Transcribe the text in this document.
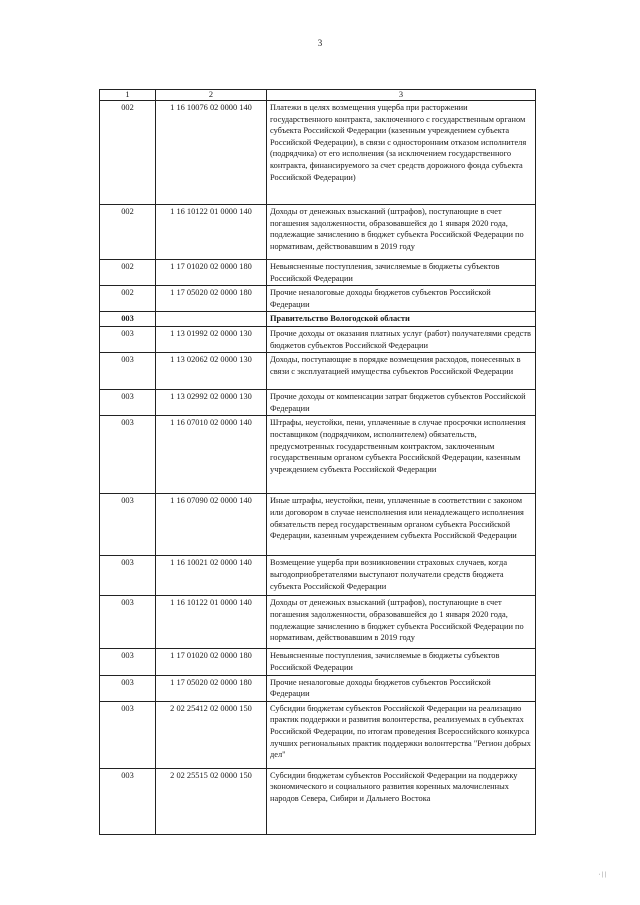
3
1	2	3
002	1 16 10076 02 0000 140	Платежи в целях возмещения ущерба при расторжении государственного контракта, заключенного с государственным органом субъекта Российской Федерации (казенным учреждением субъекта Российской Федерации), в связи с односторонним отказом исполнителя (подрядчика) от его исполнения (за исключением государственного контракта, финансируемого за счет средств дорожного фонда субъекта Российской Федерации)
002	1 16 10122 01 0000 140	Доходы от денежных взысканий (штрафов), поступающие в счет погашения задолженности, образовавшейся до 1 января 2020 года, подлежащие зачислению в бюджет субъекта Российской Федерации по нормативам, действовавшим в 2019 году
002	1 17 01020 02 0000 180	Невыясненные поступления, зачисляемые в бюджеты субъектов Российской Федерации
002	1 17 05020 02 0000 180	Прочие неналоговые доходы бюджетов субъектов Российской Федерации
003		Правительство Вологодской области
003	1 13 01992 02 0000 130	Прочие доходы от оказания платных услуг (работ) получателями средств бюджетов субъектов Российской Федерации
003	1 13 02062 02 0000 130	Доходы, поступающие в порядке возмещения расходов, понесенных в связи с эксплуатацией имущества субъектов Российской Федерации
003	1 13 02992 02 0000 130	Прочие доходы от компенсации затрат бюджетов субъектов Российской Федерации
003	1 16 07010 02 0000 140	Штрафы, неустойки, пени, уплаченные в случае просрочки исполнения поставщиком (подрядчиком, исполнителем) обязательств, предусмотренных государственным контрактом, заключенным государственным органом субъекта Российской Федерации, казенным учреждением субъекта Российской Федерации
003	1 16 07090 02 0000 140	Иные штрафы, неустойки, пени, уплаченные в соответствии с законом или договором в случае неисполнения или ненадлежащего исполнения обязательств перед государственным органом субъекта Российской Федерации, казенным учреждением субъекта Российской Федерации
003	1 16 10021 02 0000 140	Возмещение ущерба при возникновении страховых случаев, когда выгодоприобретателями выступают получатели средств бюджета субъекта Российской Федерации
003	1 16 10122 01 0000 140	Доходы от денежных взысканий (штрафов), поступающие в счет погашения задолженности, образовавшейся до 1 января 2020 года, подлежащие зачислению в бюджет субъекта Российской Федерации по нормативам, действовавшим в 2019 году
003	1 17 01020 02 0000 180	Невыясненные поступления, зачисляемые в бюджеты субъектов Российской Федерации
003	1 17 05020 02 0000 180	Прочие неналоговые доходы бюджетов субъектов Российской Федерации
003	2 02 25412 02 0000 150	Субсидии бюджетам субъектов Российской Федерации на реализацию практик поддержки и развития волонтерства, реализуемых в субъектах Российской Федерации, по итогам проведения Всероссийского конкурса лучших региональных практик поддержки волонтерства "Регион добрых дел"
003	2 02 25515 02 0000 150	Субсидии бюджетам субъектов Российской Федерации на поддержку экономического и социального развития коренных малочисленных народов Севера, Сибири и Дальнего Востока
· | |
